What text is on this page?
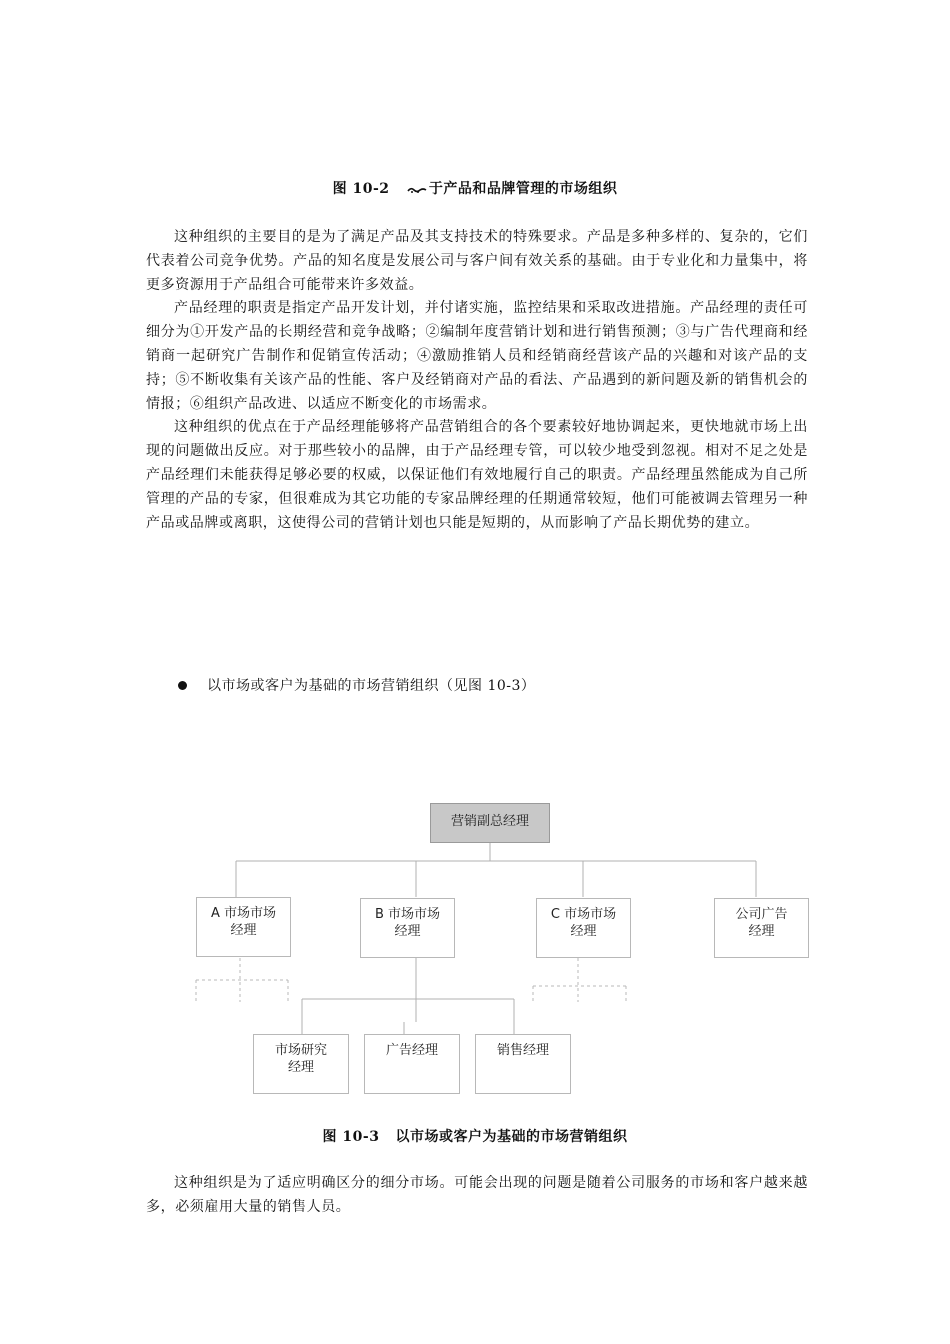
图 10-2	于产品和品牌管理的市场组织

这种组织的主要目的是为了满足产品及其支持技术的特殊要求。产品是多种多样的、复杂的，它们代表着公司竞争优势。产品的知名度是发展公司与客户间有效关系的基础。由于专业化和力量集中，将更多资源用于产品组合可能带来许多效益。

产品经理的职责是指定产品开发计划，并付诸实施，监控结果和采取改进措施。产品经理的责任可细分为①开发产品的长期经营和竞争战略；②编制年度营销计划和进行销售预测；③与广告代理商和经销商一起研究广告制作和促销宣传活动；④激励推销人员和经销商经营该产品的兴趣和对该产品的支持；⑤不断收集有关该产品的性能、客户及经销商对产品的看法、产品遇到的新问题及新的销售机会的情报；⑥组织产品改进、以适应不断变化的市场需求。

这种组织的优点在于产品经理能够将产品营销组合的各个要素较好地协调起来，更快地就市场上出现的问题做出反应。对于那些较小的品牌，由于产品经理专管，可以较少地受到忽视。相对不足之处是产品经理们未能获得足够必要的权威，以保证他们有效地履行自己的职责。产品经理虽然能成为自己所管理的产品的专家，但很难成为其它功能的专家品牌经理的任期通常较短，他们可能被调去管理另一种产品或品牌或离职，这使得公司的营销计划也只能是短期的，从而影响了产品长期优势的建立。

以市场或客户为基础的市场营销组织（见图 10-3）
营销副总经理
A 市场市场
经理
B 市场市场
经理
C 市场市场
经理
公司广告
经理
市场研究
经理
广告经理	销售经理
图 10-3 以市场或客户为基础的市场营销组织

这种组织是为了适应明确区分的细分市场。可能会出现的问题是随着公司服务的市场和客户越来越多，必须雇用大量的销售人员。
